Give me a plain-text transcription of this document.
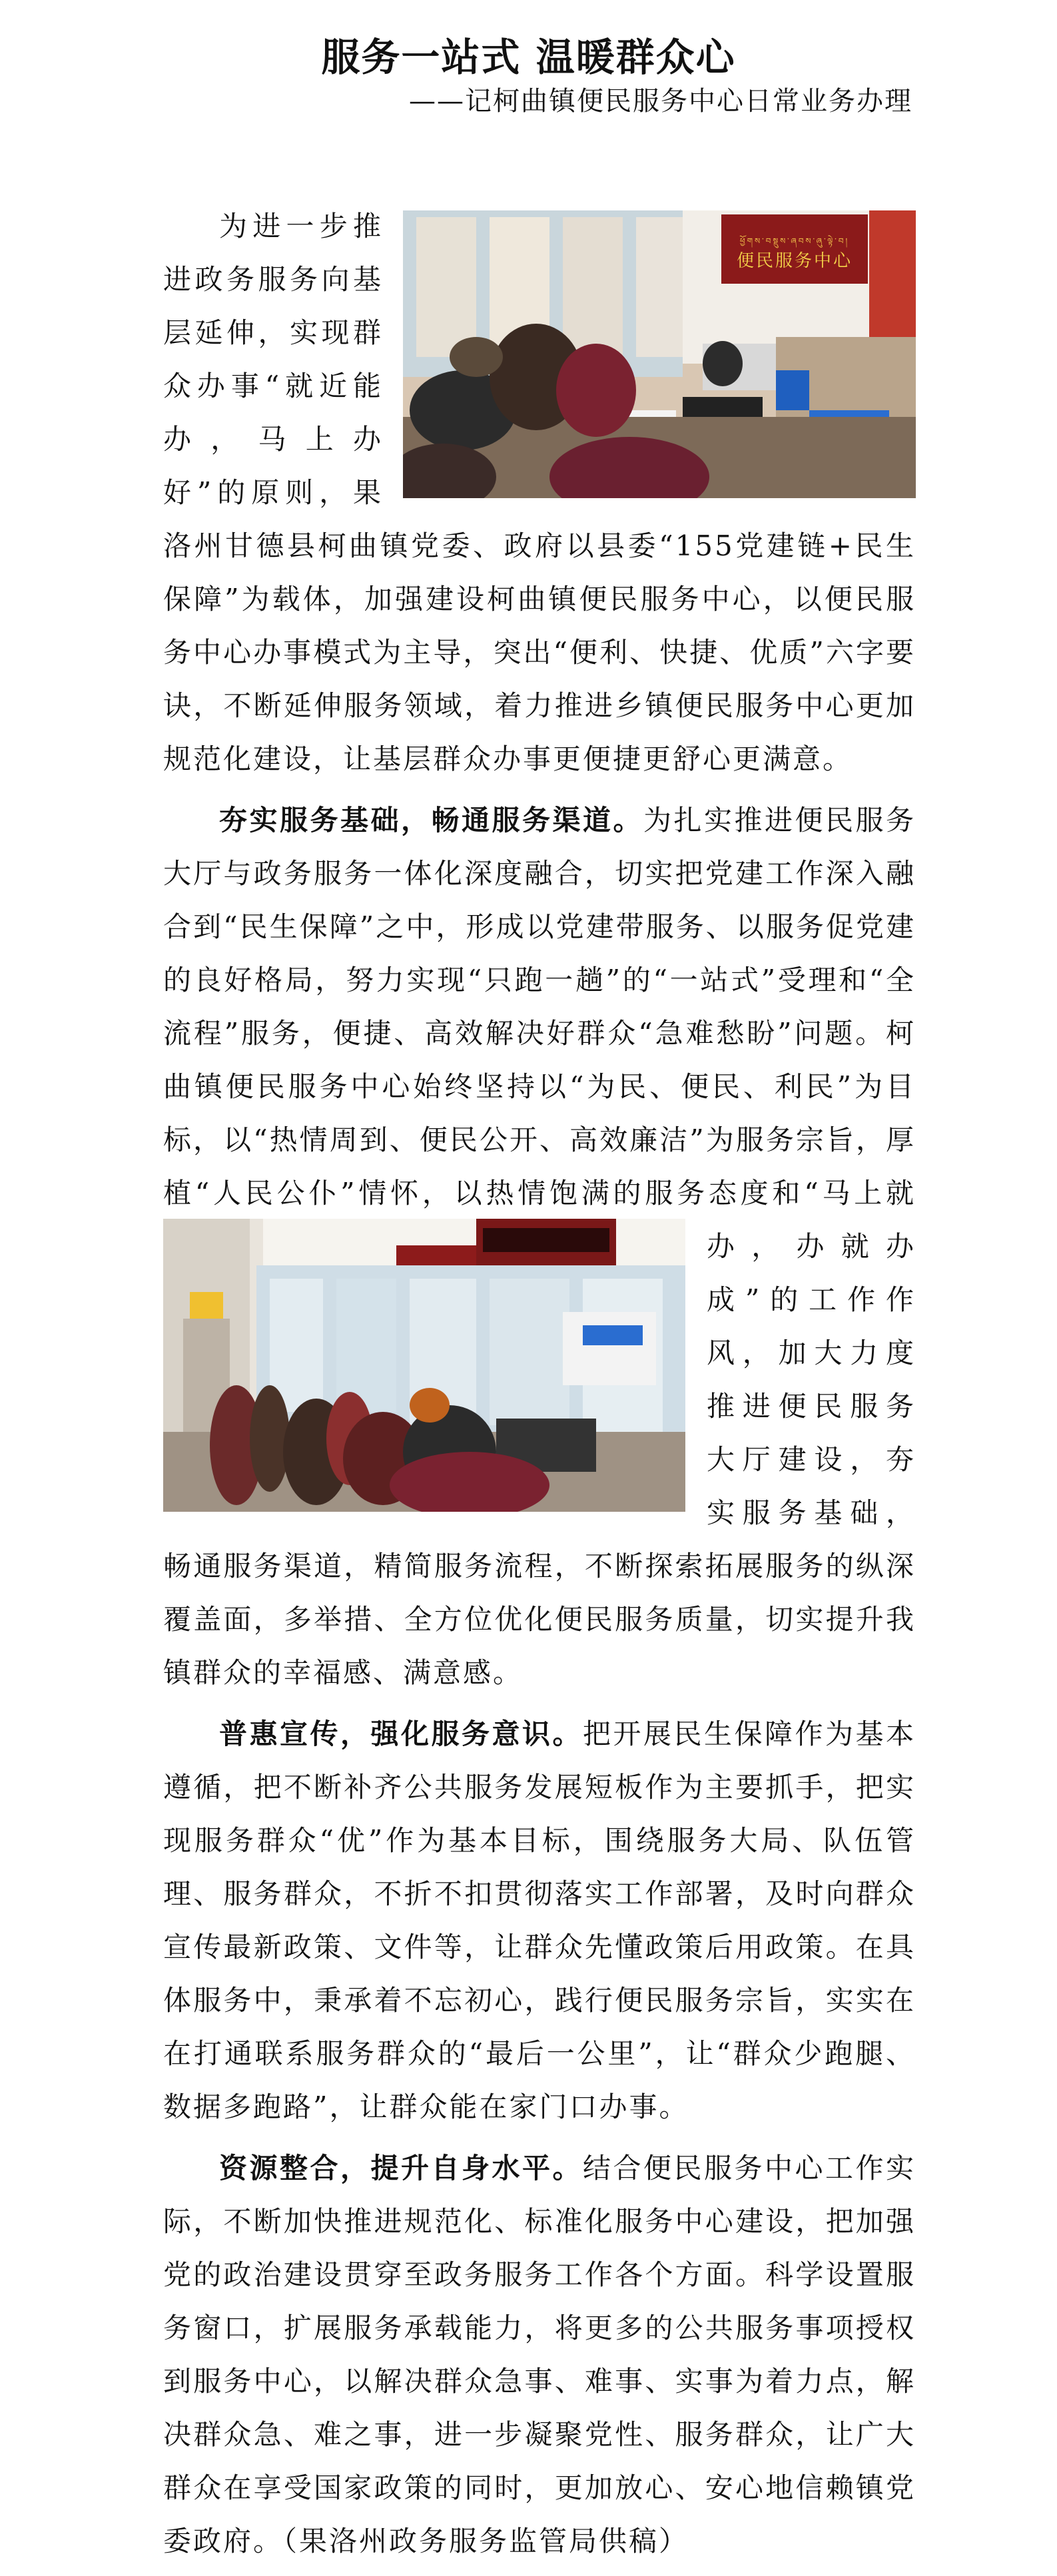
服务一站式 温暖群众心
——记柯曲镇便民服务中心日常业务办理

ཕྱོགས་བསྡུས་ཞབས་ཞུ་ལྟེ་བ།
便民服务中心
为进一步推进政务服务向基层延伸，实现群众办事“就近能办，马上办好”的原则，果洛州甘德县柯曲镇党委、政府以县委“155党建链+民生保障”为载体，加强建设柯曲镇便民服务中心，以便民服务中心办事模式为主导，突出“便利、快捷、优质”六字要诀，不断延伸服务领域，着力推进乡镇便民服务中心更加规范化建设，让基层群众办事更便捷更舒心更满意。

夯实服务基础，畅通服务渠道。为扎实推进便民服务大厅与政务服务一体化深度融合，切实把党建工作深入融合到“民生保障”之中，形成以党建带服务、以服务促党建的良好格局，努力实现“只跑一趟”的“一站式”受理和“全流程”服务，便捷、高效解决好群众“急难愁盼”问题。柯曲镇便民服务中心始终坚持以“为民、便民、利民”为目标，以“热情周到、便民公开、高效廉洁”为服务宗旨，厚植“人民公仆”情怀，以热情饱满的服务态度和“马上就办，办就办成”的工作作风，加大力度推进便民服务大厅建设，夯实服务基础，畅通服务渠道，精简服务流程，不断探索拓展服务的纵深覆盖面，多举措、全方位优化便民服务质量，切实提升我镇群众的幸福感、满意感。

普惠宣传，强化服务意识。把开展民生保障作为基本遵循，把不断补齐公共服务发展短板作为主要抓手，把实现服务群众“优”作为基本目标，围绕服务大局、队伍管理、服务群众，不折不扣贯彻落实工作部署，及时向群众宣传最新政策、文件等，让群众先懂政策后用政策。在具体服务中，秉承着不忘初心，践行便民服务宗旨，实实在在打通联系服务群众的“最后一公里”，让“群众少跑腿、数据多跑路”，让群众能在家门口办事。

资源整合，提升自身水平。结合便民服务中心工作实际，不断加快推进规范化、标准化服务中心建设，把加强党的政治建设贯穿至政务服务工作各个方面。科学设置服务窗口，扩展服务承载能力，将更多的公共服务事项授权到服务中心，以解决群众急事、难事、实事为着力点，解决群众急、难之事，进一步凝聚党性、服务群众，让广大群众在享受国家政策的同时，更加放心、安心地信赖镇党委政府。（果洛州政务服务监管局供稿）
